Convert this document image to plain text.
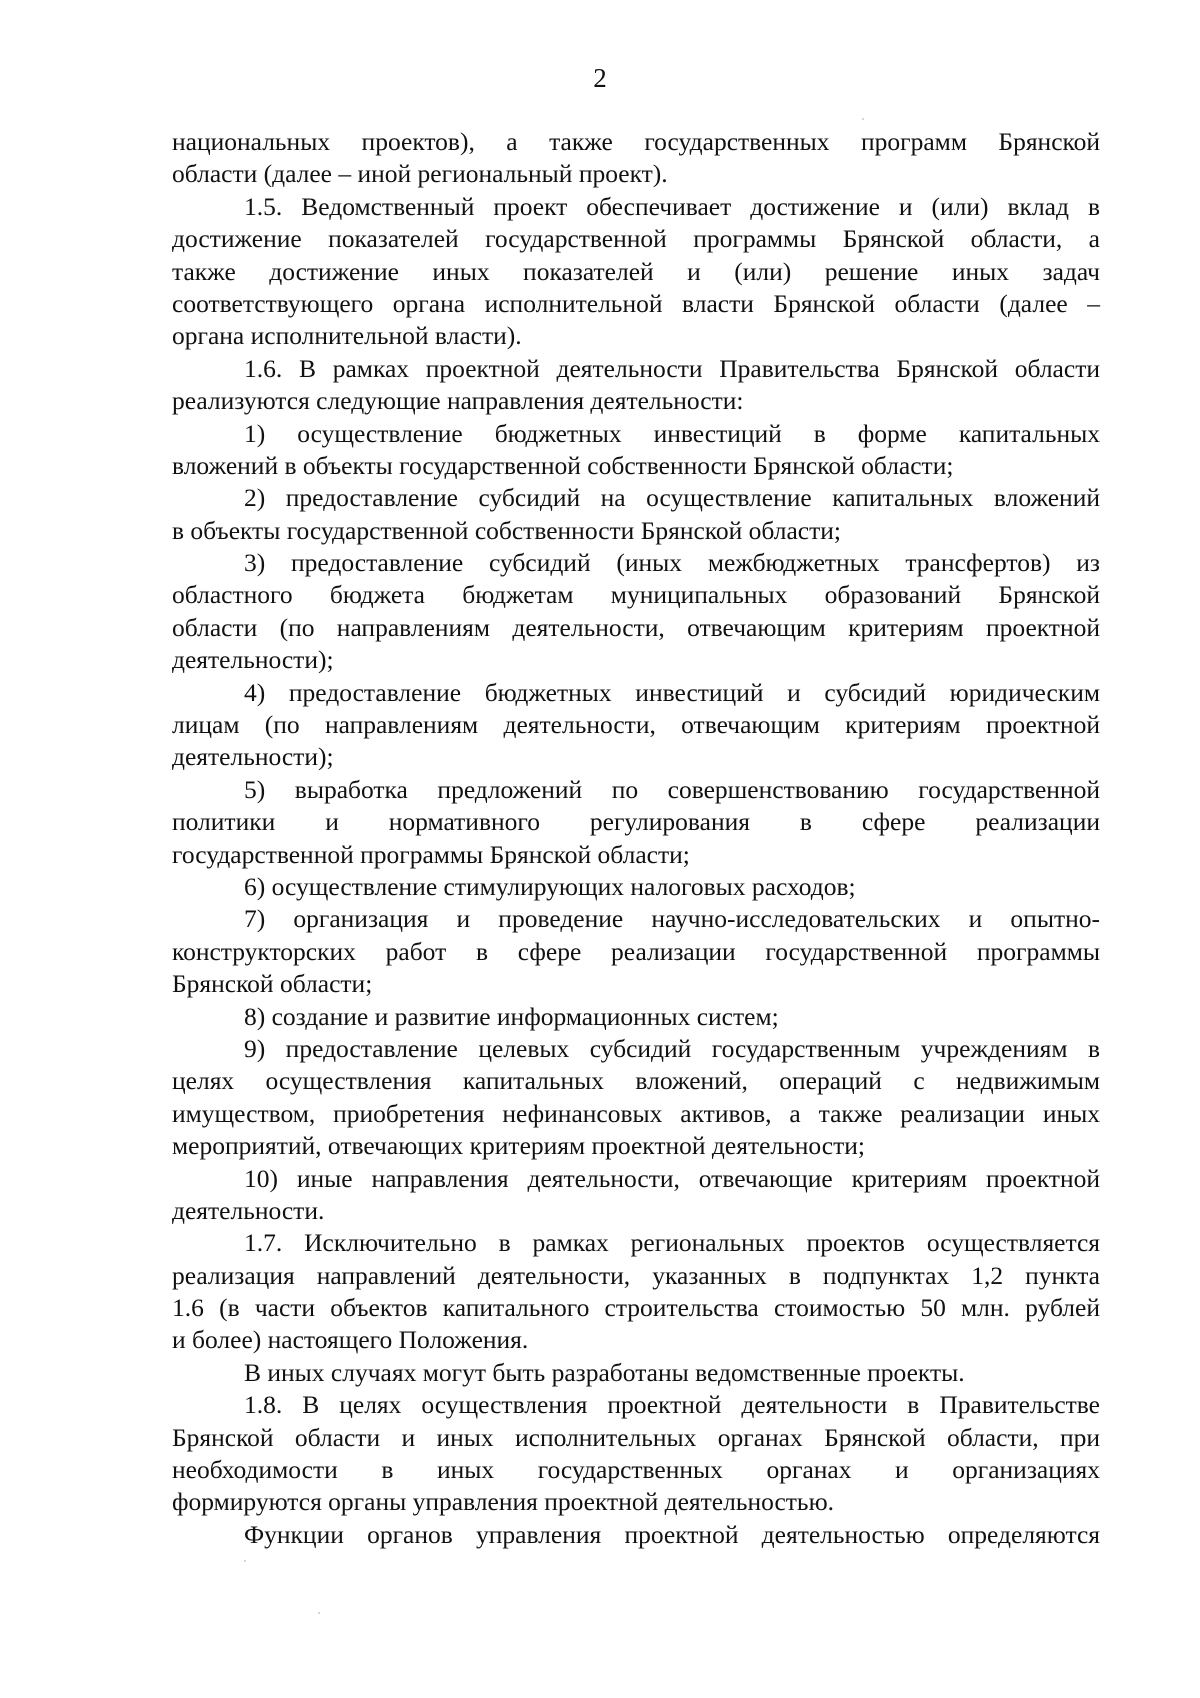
2
национальных проектов), а также государственных программ Брянской
области (далее – иной региональный проект).
1.5. Ведомственный проект обеспечивает достижение и (или) вклад в
достижение показателей государственной программы Брянской области, а
также достижение иных показателей и (или) решение иных задач
соответствующего органа исполнительной власти Брянской области (далее –
органа исполнительной власти).
1.6. В рамках проектной деятельности Правительства Брянской области
реализуются следующие направления деятельности:
1) осуществление бюджетных инвестиций в форме капитальных
вложений в объекты государственной собственности Брянской области;
2) предоставление субсидий на осуществление капитальных вложений
в объекты государственной собственности Брянской области;
3) предоставление субсидий (иных межбюджетных трансфертов) из
областного бюджета бюджетам муниципальных образований Брянской
области (по направлениям деятельности, отвечающим критериям проектной
деятельности);
4) предоставление бюджетных инвестиций и субсидий юридическим
лицам (по направлениям деятельности, отвечающим критериям проектной
деятельности);
5) выработка предложений по совершенствованию государственной
политики и нормативного регулирования в сфере реализации
государственной программы Брянской области;
6) осуществление стимулирующих налоговых расходов;
7) организация и проведение научно-исследовательских и опытно-
конструкторских работ в сфере реализации государственной программы
Брянской области;
8) создание и развитие информационных систем;
9) предоставление целевых субсидий государственным учреждениям в
целях осуществления капитальных вложений, операций с недвижимым
имуществом, приобретения нефинансовых активов, а также реализации иных
мероприятий, отвечающих критериям проектной деятельности;
10) иные направления деятельности, отвечающие критериям проектной
деятельности.
1.7. Исключительно в рамках региональных проектов осуществляется
реализация направлений деятельности, указанных в подпунктах 1,2 пункта
1.6 (в части объектов капитального строительства стоимостью 50 млн. рублей
и более) настоящего Положения.
В иных случаях могут быть разработаны ведомственные проекты.
1.8. В целях осуществления проектной деятельности в Правительстве
Брянской области и иных исполнительных органах Брянской области, при
необходимости в иных государственных органах и организациях
формируются органы управления проектной деятельностью.
Функции органов управления проектной деятельностью определяются
